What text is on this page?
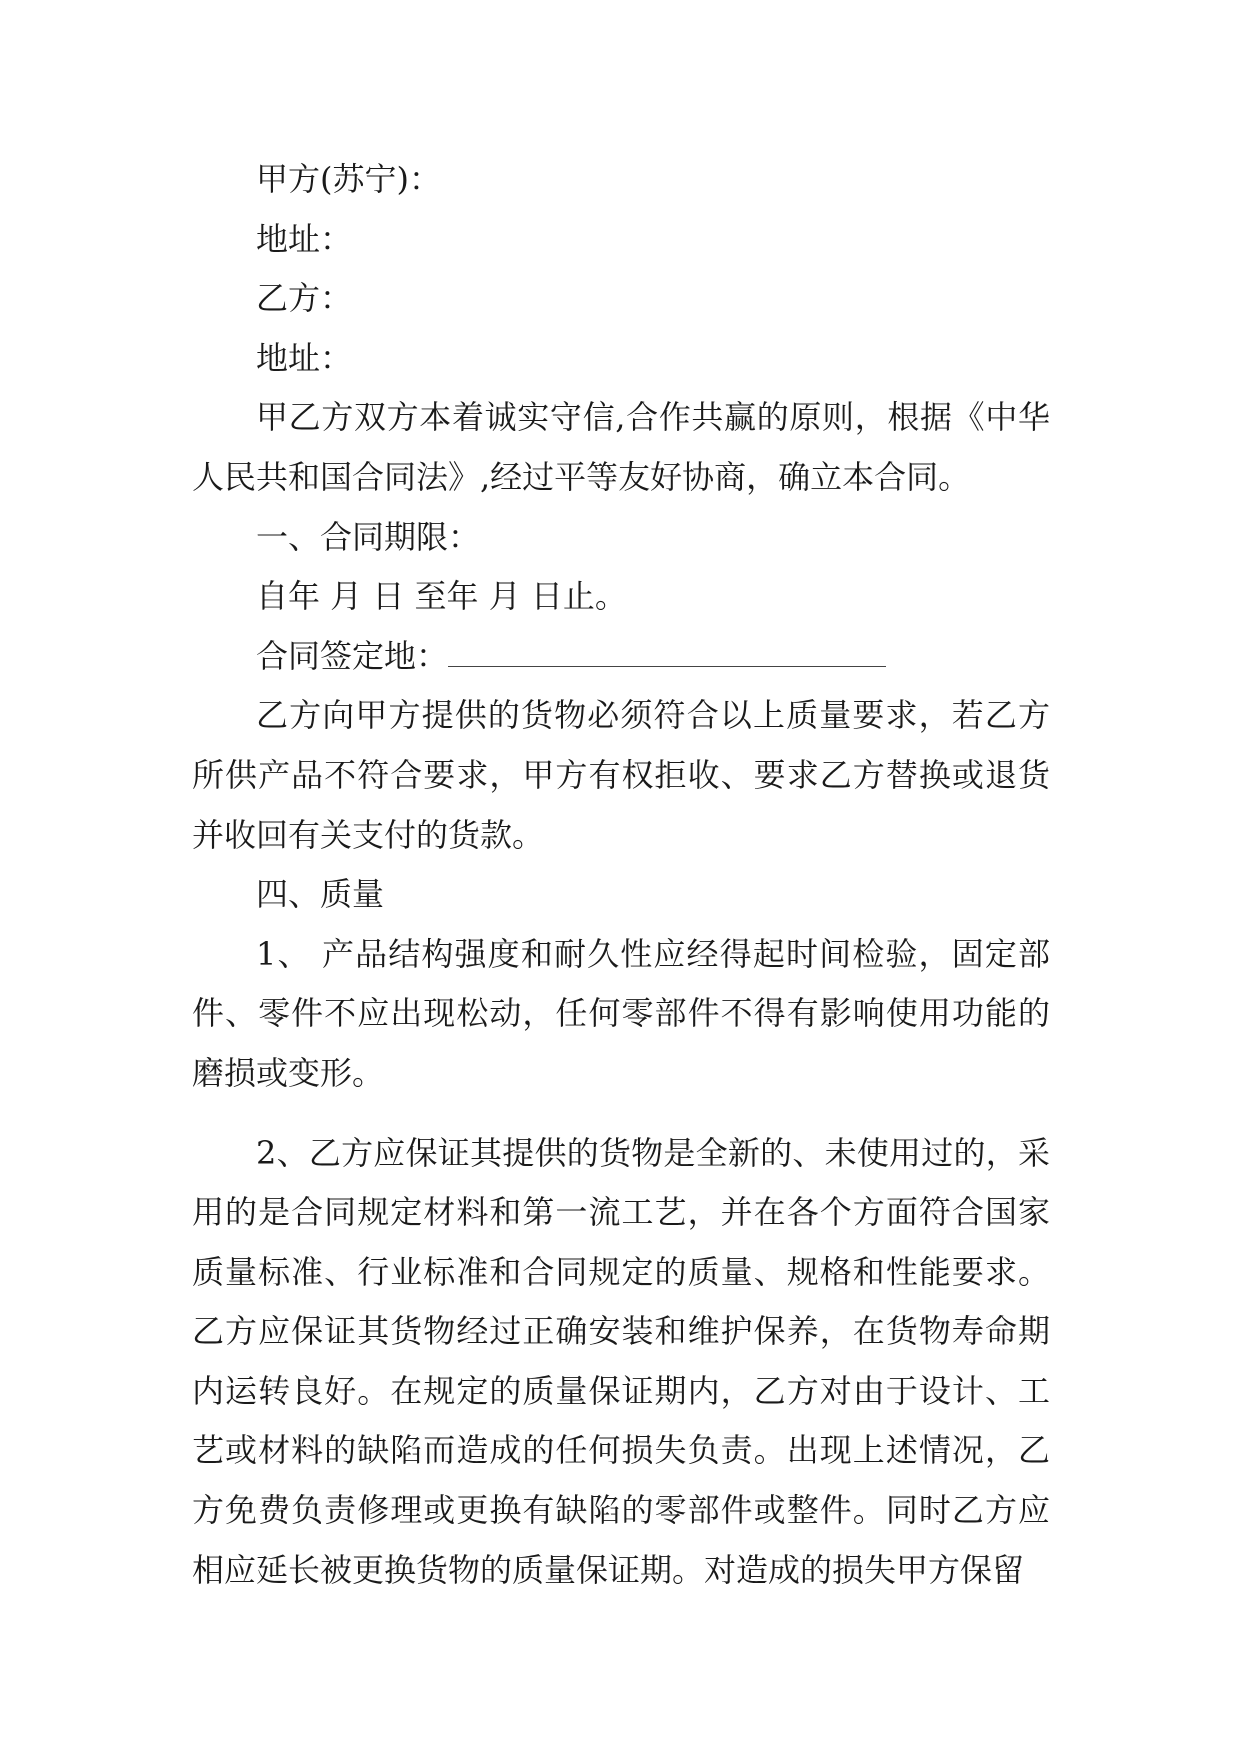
甲方(苏宁)：

地址：

乙方：

地址：

甲乙方双方本着诚实守信,合作共赢的原则，根据《中华人民共和国合同法》,经过平等友好协商，确立本合同。

一、合同期限：

自年 月 日 至年 月 日止。

合同签定地：

乙方向甲方提供的货物必须符合以上质量要求，若乙方所供产品不符合要求，甲方有权拒收、要求乙方替换或退货并收回有关支付的货款。

四、质量

1、 产品结构强度和耐久性应经得起时间检验，固定部件、零件不应出现松动，任何零部件不得有影响使用功能的磨损或变形。

2、乙方应保证其提供的货物是全新的、未使用过的，采用的是合同规定材料和第一流工艺，并在各个方面符合国家质量标准、行业标准和合同规定的质量、规格和性能要求。乙方应保证其货物经过正确安装和维护保养，在货物寿命期内运转良好。在规定的质量保证期内，乙方对由于设计、工艺或材料的缺陷而造成的任何损失负责。出现上述情况，乙方免费负责修理或更换有缺陷的零部件或整件。同时乙方应相应延长被更换货物的质量保证期。对造成的损失甲方保留
